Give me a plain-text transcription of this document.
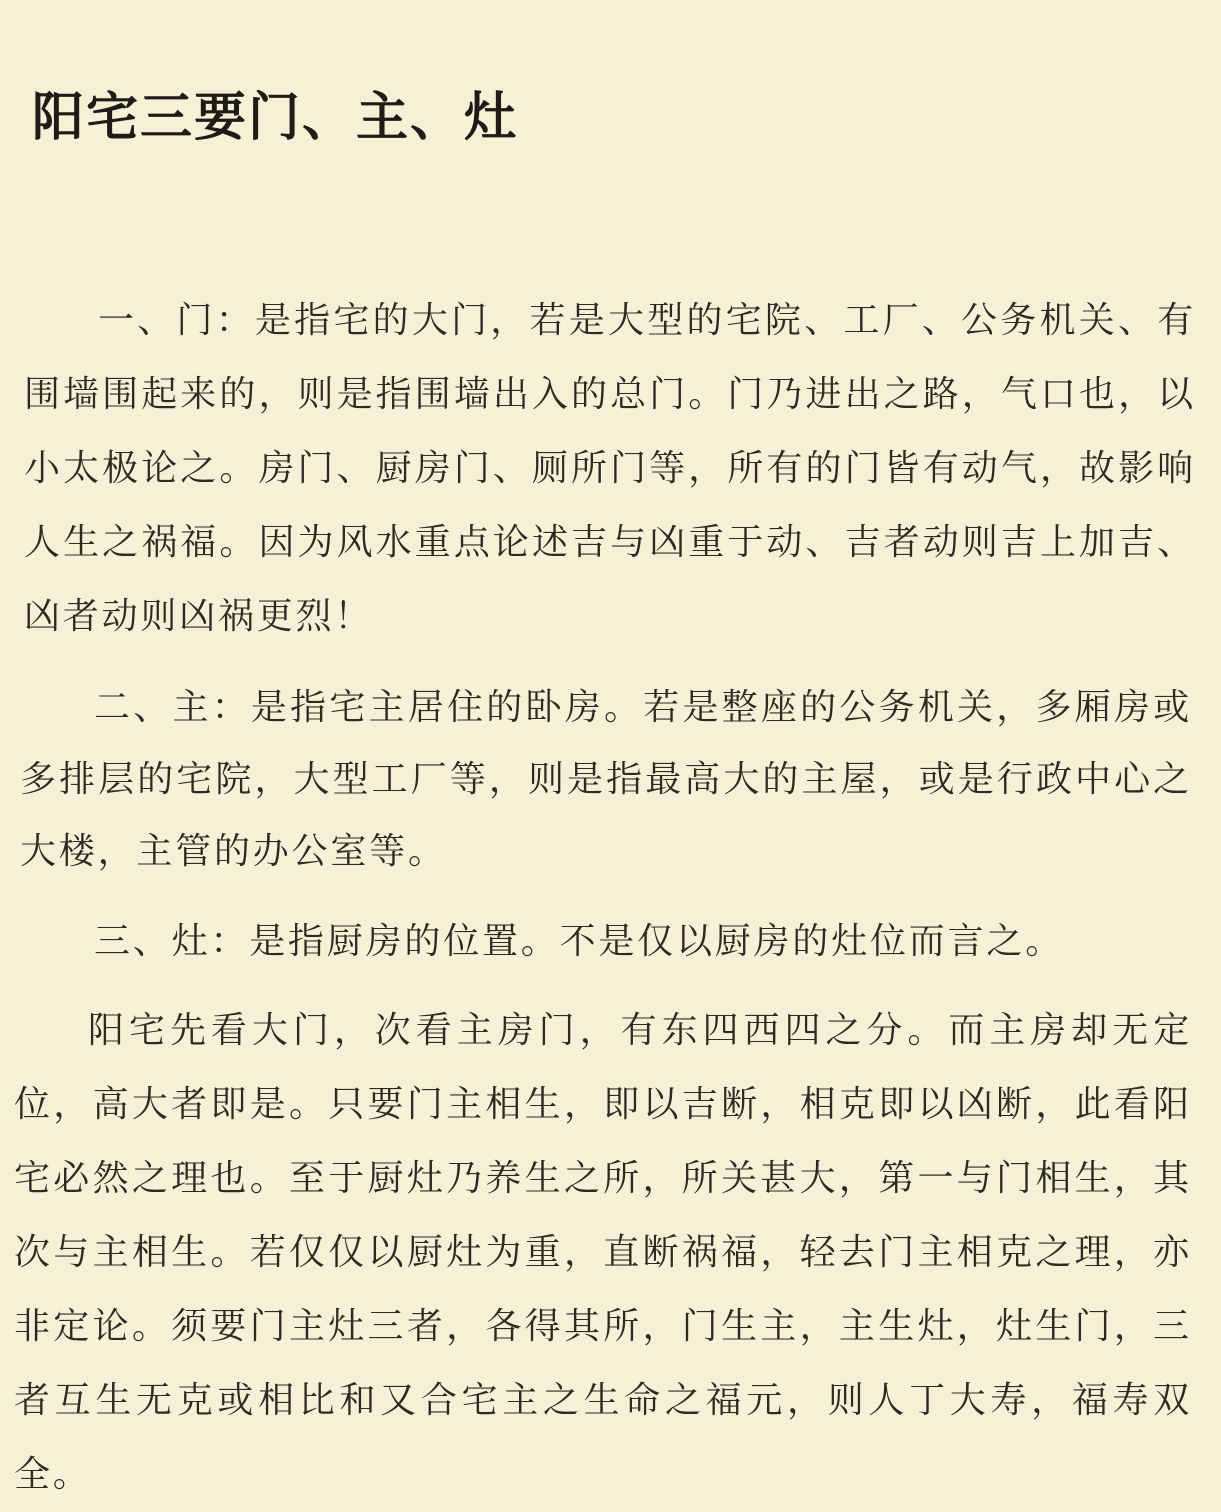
阳宅三要门、主、灶

一、门：是指宅的大门，若是大型的宅院、工厂、公务机关、有围墙围起来的，则是指围墙出入的总门。门乃进出之路，气口也，以小太极论之。房门、厨房门、厕所门等，所有的门皆有动气，故影响人生之祸福。因为风水重点论述吉与凶重于动、吉者动则吉上加吉、凶者动则凶祸更烈！

二、主：是指宅主居住的卧房。若是整座的公务机关，多厢房或多排层的宅院，大型工厂等，则是指最高大的主屋，或是行政中心之大楼，主管的办公室等。

三、灶：是指厨房的位置。不是仅以厨房的灶位而言之。

阳宅先看大门，次看主房门，有东四西四之分。而主房却无定位，高大者即是。只要门主相生，即以吉断，相克即以凶断，此看阳宅必然之理也。至于厨灶乃养生之所，所关甚大，第一与门相生，其次与主相生。若仅仅以厨灶为重，直断祸福，轻去门主相克之理，亦非定论。须要门主灶三者，各得其所，门生主，主生灶，灶生门，三者互生无克或相比和又合宅主之生命之福元，则人丁大寿，福寿双全。
